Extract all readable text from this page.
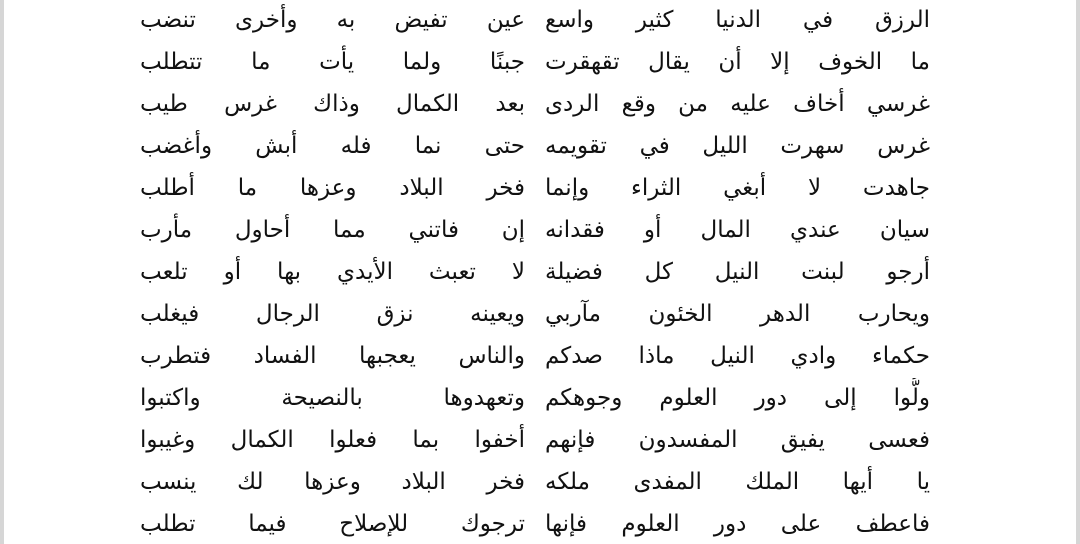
الرزق في الدنيا كثير واسع
ما الخوف إلا أن يقال تقهقرت
غرسي أخاف عليه من وقع الردى
غرس سهرت الليل في تقويمه
جاهدت لا أبغي الثراء وإنما
سيان عندي المال أو فقدانه
أرجو لبنت النيل كل فضيلة
ويحارب الدهر الخئون مآربي
حكماء وادي النيل ماذا صدكم
ولُّوا إلى دور العلوم وجوهكم
فعسى يفيق المفسدون فإنهم
يا أيها الملك المفدى ملكه
فاعطف على دور العلوم فإنها
عين تفيض به وأخرى تنضب
جبنًا ولما يأت ما تتطلب
بعد الكمال وذاك غرس طيب
حتى نما فله أبش وأغضب
فخر البلاد وعزها ما أطلب
إن فاتني مما أحاول مأرب
لا تعبث الأيدي بها أو تلعب
ويعينه نزق الرجال فيغلب
والناس يعجبها الفساد فتطرب
وتعهدوها بالنصيحة واكتبوا
أخفوا بما فعلوا الكمال وغيبوا
فخر البلاد وعزها لك ينسب
ترجوك للإصلاح فيما تطلب
